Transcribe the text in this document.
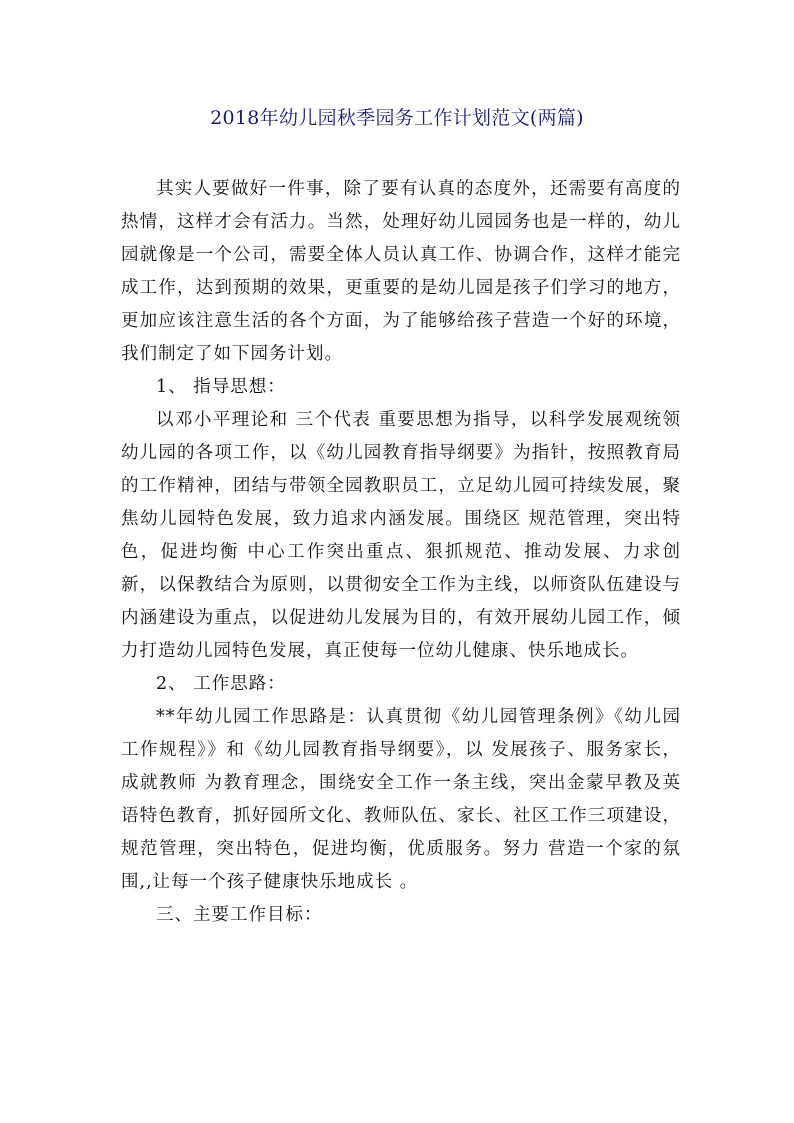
2018年幼儿园秋季园务工作计划范文(两篇)

其实人要做好一件事，除了要有认真的态度外，还需要有高度的热情，这样才会有活力。当然，处理好幼儿园园务也是一样的，幼儿园就像是一个公司，需要全体人员认真工作、协调合作，这样才能完成工作，达到预期的效果，更重要的是幼儿园是孩子们学习的地方，更加应该注意生活的各个方面，为了能够给孩子营造一个好的环境，我们制定了如下园务计划。

1、 指导思想：

以邓小平理论和 三个代表 重要思想为指导，以科学发展观统领幼儿园的各项工作，以《幼儿园教育指导纲要》为指针，按照教育局的工作精神，团结与带领全园教职员工，立足幼儿园可持续发展，聚焦幼儿园特色发展，致力追求内涵发展。围绕区 规范管理，突出特色，促进均衡 中心工作突出重点、狠抓规范、推动发展、力求创新，以保教结合为原则，以贯彻安全工作为主线，以师资队伍建设与内涵建设为重点，以促进幼儿发展为目的，有效开展幼儿园工作，倾力打造幼儿园特色发展，真正使每一位幼儿健康、快乐地成长。

2、 工作思路：

**年幼儿园工作思路是：认真贯彻《幼儿园管理条例》《幼儿园工作规程》》和《幼儿园教育指导纲要》，以 发展孩子、服务家长，成就教师 为教育理念，围绕安全工作一条主线，突出金蒙早教及英语特色教育，抓好园所文化、教师队伍、家长、社区工作三项建设，规范管理，突出特色，促进均衡，优质服务。努力 营造一个家的氛围,,让每一个孩子健康快乐地成长 。

三、主要工作目标：
